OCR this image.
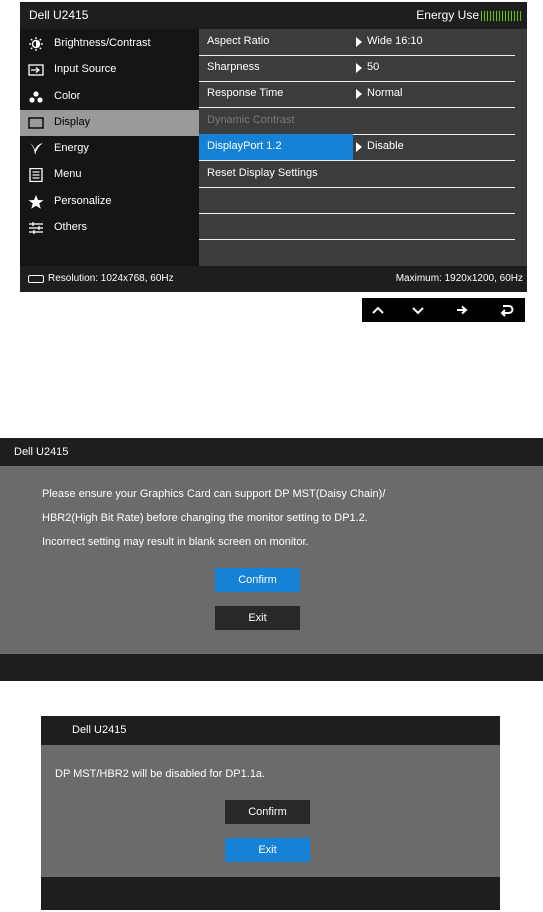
Dell U2415	Energy Use
Brightness/Contrast
Input Source
Color
Display
Energy
Menu
Personalize
Others
Aspect Ratio	Wide 16:10
Sharpness	50
Response Time	Normal
Dynamic Contrast
DisplayPort 1.2	Disable
Reset Display Settings
Resolution: 1024x768, 60Hz	Maximum: 1920x1200, 60Hz
Dell U2415
Please ensure your Graphics Card can support DP MST(Daisy Chain)/
HBR2(High Bit Rate) before changing the monitor setting to DP1.2.
Incorrect setting may result in blank screen on monitor.
Confirm
Exit
Dell U2415
DP MST/HBR2 will be disabled for DP1.1a.
Confirm
Exit
